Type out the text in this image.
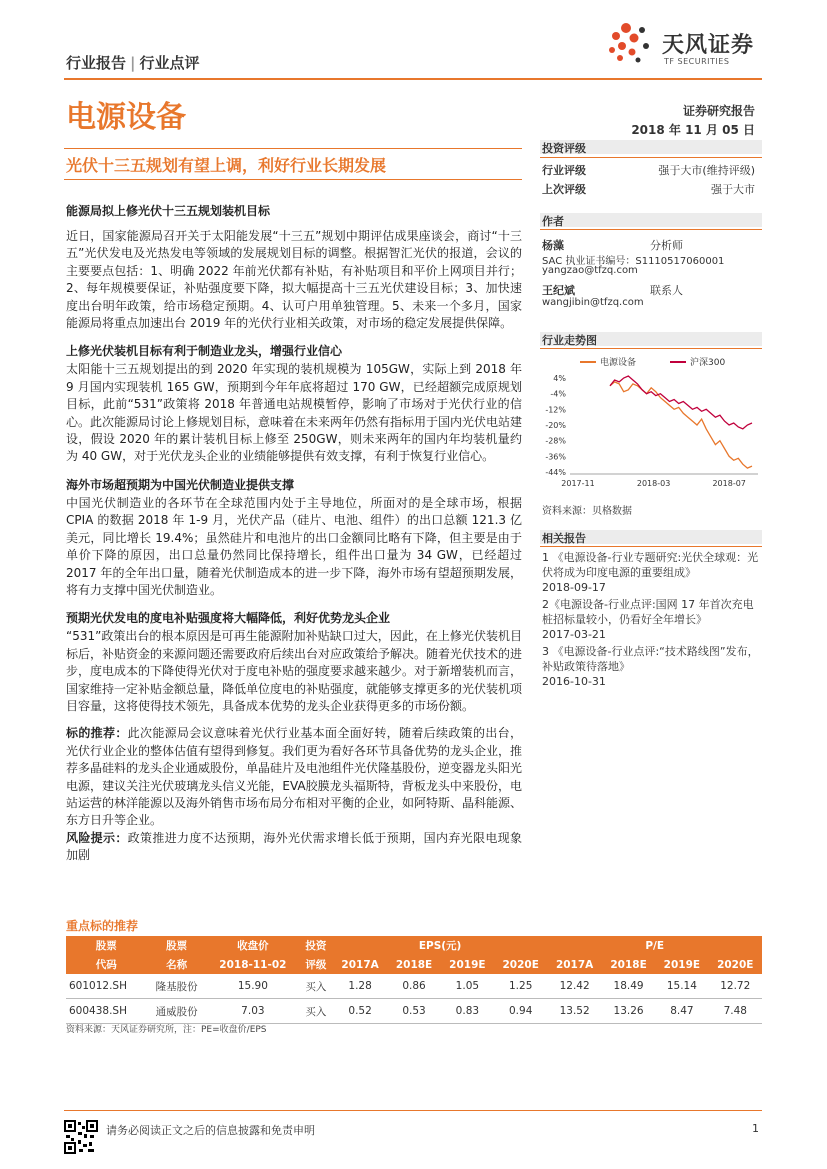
行业报告 | 行业点评
天风证券
TF SECURITIES
电源设备	证券研究报告
2018 年 11 月 05 日
光伏十三五规划有望上调，利好行业长期发展
能源局拟上修光伏十三五规划装机目标
近日，国家能源局召开关于太阳能发展“十三五”规划中期评估成果座谈会，商讨“十三五”光伏发电及光热发电等领域的发展规划目标的调整。根据智汇光伏的报道，会议的主要要点包括：1、明确 2022 年前光伏都有补贴，有补贴项目和平价上网项目并行；2、每年规模要保证，补贴强度要下降，拟大幅提高十三五光伏建设目标；3、加快速度出台明年政策，给市场稳定预期。4、认可户用单独管理。5、未来一个多月，国家能源局将重点加速出台 2019 年的光伏行业相关政策，对市场的稳定发展提供保障。
上修光伏装机目标有利于制造业龙头，增强行业信心
太阳能十三五规划提出的到 2020 年实现的装机规模为 105GW，实际上到 2018 年 9 月国内实现装机 165 GW，预期到今年年底将超过 170 GW，已经超额完成原规划目标，此前“531”政策将 2018 年普通电站规模暂停，影响了市场对于光伏行业的信心。此次能源局讨论上修规划目标，意味着在未来两年仍然有指标用于国内光伏电站建设，假设 2020 年的累计装机目标上修至 250GW，则未来两年的国内年均装机量约为 40 GW，对于光伏龙头企业的业绩能够提供有效支撑，有利于恢复行业信心。
海外市场超预期为中国光伏制造业提供支撑
中国光伏制造业的各环节在全球范围内处于主导地位，所面对的是全球市场，根据 CPIA 的数据 2018 年 1-9 月，光伏产品（硅片、电池、组件）的出口总额 121.3 亿美元，同比增长 19.4%；虽然硅片和电池片的出口金额同比略有下降，但主要是由于单价下降的原因，出口总量仍然同比保持增长，组件出口量为 34 GW，已经超过 2017 年的全年出口量，随着光伏制造成本的进一步下降，海外市场有望超预期发展，将有力支撑中国光伏制造业。
预期光伏发电的度电补贴强度将大幅降低，利好优势龙头企业
“531”政策出台的根本原因是可再生能源附加补贴缺口过大，因此，在上修光伏装机目标后，补贴资金的来源问题还需要政府后续出台对应政策给予解决。随着光伏技术的进步，度电成本的下降使得光伏对于度电补贴的强度要求越来越少。对于新增装机而言，国家维持一定补贴金额总量，降低单位度电的补贴强度，就能够支撑更多的光伏装机项目容量，这将使得技术领先，具备成本优势的龙头企业获得更多的市场份额。
标的推荐：此次能源局会议意味着光伏行业基本面全面好转，随着后续政策的出台，光伏行业企业的整体估值有望得到修复。我们更为看好各环节具备优势的龙头企业，推荐多晶硅料的龙头企业通威股份，单晶硅片及电池组件光伏隆基股份，逆变器龙头阳光电源，建议关注光伏玻璃龙头信义光能，EVA胶膜龙头福斯特，背板龙头中来股份，电站运营的林洋能源以及海外销售市场布局分布相对平衡的企业，如阿特斯、晶科能源、东方日升等企业。
风险提示：政策推进力度不达预期，海外光伏需求增长低于预期，国内弃光限电现象加剧
投资评级
行业评级	强于大市(维持评级)
上次评级	强于大市
作者
杨藻	分析师
SAC 执业证书编号：S1110517060001
yangzao@tfzq.com
王纪斌	联系人
wangjibin@tfzq.com
行业走势图
电源设备	沪深300
4%
-4%
-12%
-20%
-28%
-36%
-44%
2017-11	2018-03	2018-07
资料来源：贝格数据
相关报告
1 《电源设备-行业专题研究:光伏全球观：光伏将成为印度电源的重要组成》
2018-09-17
2《电源设备-行业点评:国网 17 年首次充电桩招标量较小，仍看好全年增长》
2017-03-21
3 《电源设备-行业点评:“技术路线图”发布，补贴政策待落地》
2016-10-31
重点标的推荐
股票	股票	收盘价	投资	EPS(元)				P/E			
代码	名称	2018-11-02	评级	2017A	2018E	2019E	2020E	2017A	2018E	2019E	2020E
601012.SH	隆基股份	15.90	买入	1.28	0.86	1.05	1.25	12.42	18.49	15.14	12.72
600438.SH	通威股份	7.03	买入	0.52	0.53	0.83	0.94	13.52	13.26	8.47	7.48
资料来源：天风证券研究所，注：PE=收盘价/EPS
请务必阅读正文之后的信息披露和免责申明	1
